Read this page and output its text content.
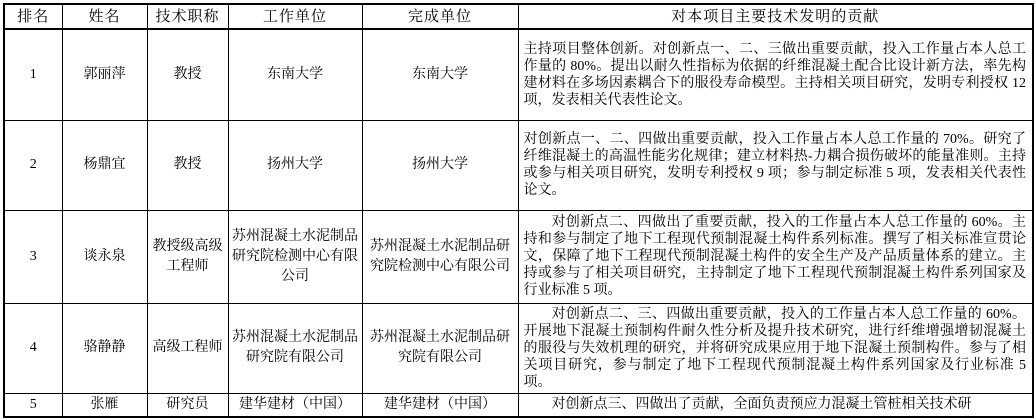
排名	姓名	技术职称	工作单位	完成单位	对本项目主要技术发明的贡献
1	郭丽萍	教授	东南大学	东南大学	主持项目整体创新。对创新点一、二、三做出重要贡献，投入工作量占本人总工作量的 80%。提出以耐久性指标为依据的纤维混凝土配合比设计新方法，率先构建材料在多场因素耦合下的服役寿命模型。主持相关项目研究，发明专利授权 12 项，发表相关代表性论文。
2	杨鼎宜	教授	扬州大学	扬州大学	对创新点一、二、四做出重要贡献，投入工作量占本人总工作量的 70%。研究了纤维混凝土的高温性能劣化规律；建立材料热-力耦合损伤破坏的能量准则。主持或参与相关项目研究，发明专利授权 9 项；参与制定标准 5 项，发表相关代表性论文。
3	谈永泉	教授级高级工程师	苏州混凝土水泥制品研究院检测中心有限公司	苏州混凝土水泥制品研究院检测中心有限公司	对创新点二、四做出了重要贡献，投入的工作量占本人总工作量的 60%。主持和参与制定了地下工程现代预制混凝土构件系列标准。撰写了相关标准宣贯论文，保障了地下工程现代预制混凝土构件的安全生产及产品质量体系的建立。主持或参与了相关项目研究，主持制定了地下工程现代预制混凝土构件系列国家及行业标准 5 项。
4	骆静静	高级工程师	苏州混凝土水泥制品研究院有限公司	苏州混凝土水泥制品研究院有限公司	对创新点二、三、四做出重要贡献，投入的工作量占本人总工作量的 60%。开展地下混凝土预制构件耐久性分析及提升技术研究，进行纤维增强增韧混凝土的服役与失效机理的研究，并将研究成果应用于地下混凝土预制构件。参与了相关项目研究，参与制定了地下工程现代预制混凝土构件系列国家及行业标准 5 项。
5	张雁	研究员	建华建材（中国）	建华建材（中国）	对创新点三、四做出了贡献，全面负责预应力混凝土管桩相关技术研
